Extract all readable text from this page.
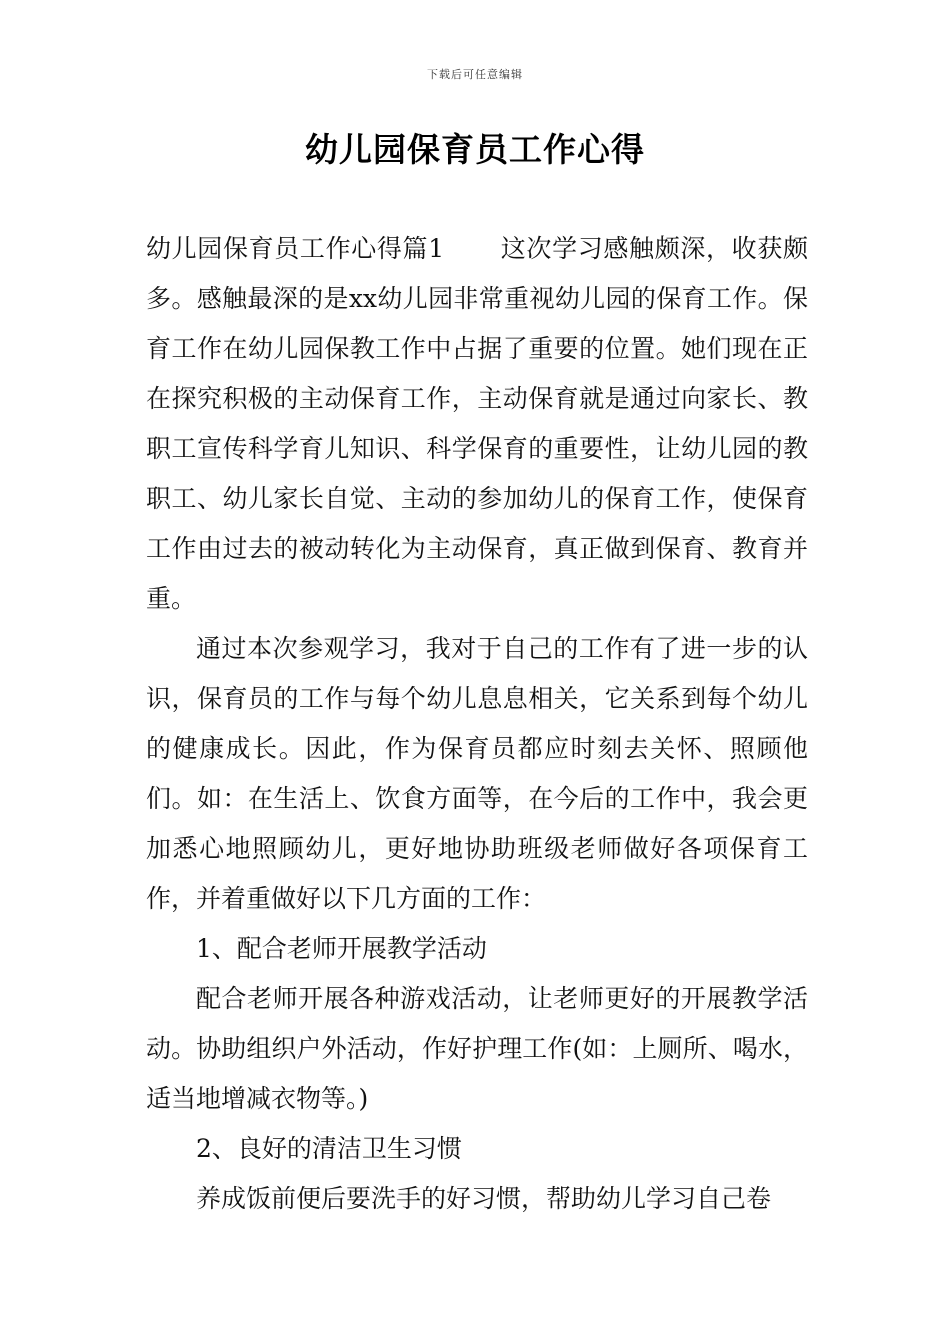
下载后可任意编辑
幼儿园保育员工作心得

幼儿园保育员工作心得篇1 这次学习感触颇深，收获颇多。感触最深的是xx幼儿园非常重视幼儿园的保育工作。保育工作在幼儿园保教工作中占据了重要的位置。她们现在正在探究积极的主动保育工作，主动保育就是通过向家长、教职工宣传科学育儿知识、科学保育的重要性，让幼儿园的教职工、幼儿家长自觉、主动的参加幼儿的保育工作，使保育工作由过去的被动转化为主动保育，真正做到保育、教育并重。

通过本次参观学习，我对于自己的工作有了进一步的认识，保育员的工作与每个幼儿息息相关，它关系到每个幼儿的健康成长。因此，作为保育员都应时刻去关怀、照顾他们。如：在生活上、饮食方面等，在今后的工作中，我会更加悉心地照顾幼儿，更好地协助班级老师做好各项保育工作，并着重做好以下几方面的工作：

1、配合老师开展教学活动

配合老师开展各种游戏活动，让老师更好的开展教学活动。协助组织户外活动，作好护理工作(如：上厕所、喝水，适当地增减衣物等。)

2、良好的清洁卫生习惯

养成饭前便后要洗手的好习惯，帮助幼儿学习自己卷
